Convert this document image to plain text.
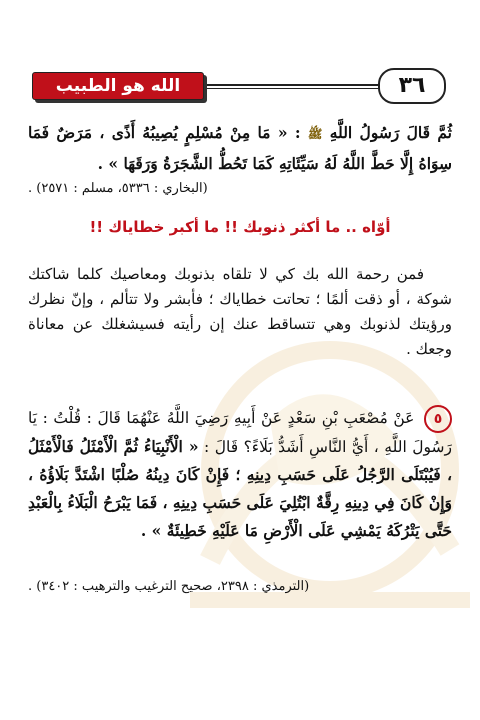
الله هو الطبيب	٣٦
ثُمَّ قَالَ رَسُولُ اللَّهِ ﷺ : « مَا مِنْ مُسْلِمٍ يُصِيبُهُ أَذًى ، مَرَضٌ فَمَا سِوَاهُ إِلَّا حَطَّ اللَّهُ لَهُ سَيِّئَاتِهِ كَمَا تَحُطُّ الشَّجَرَةُ وَرَقَهَا » .
(البخاري : ٥٣٣٦، مسلم : ٢٥٧١) .
أوّاه .. ما أكثر ذنوبك !! ما أكبر خطاياك !!
فمن رحمة الله بك كي لا تلقاه بذنوبك ومعاصيك كلما شاكتك شوكة ، أو ذقت ألمًا ؛ تحاتت خطاياك ؛ فأبشر ولا تتألم ، وإنّ نظرك ورؤيتك لذنوبك وهي تتساقط عنك إن رأيته فسيشغلك عن معاناة وجعك .
٥ عَنْ مُصْعَبِ بْنِ سَعْدٍ عَنْ أَبِيهِ رَضِيَ اللَّهُ عَنْهُمَا قَالَ : قُلْتُ : يَا رَسُولَ اللَّهِ ، أَيُّ النَّاسِ أَشَدُّ بَلَاءً؟ قَالَ : « الْأَنْبِيَاءُ ثُمَّ الْأَمْثَلُ فَالْأَمْثَلُ ، فَيُبْتَلَى الرَّجُلُ عَلَى حَسَبِ دِينِهِ ؛ فَإِنْ كَانَ دِينُهُ صُلْبًا اشْتَدَّ بَلَاؤُهُ ، وَإِنْ كَانَ فِي دِينِهِ رِقَّةٌ ابْتُلِيَ عَلَى حَسَبِ دِينِهِ ، فَمَا يَبْرَحُ الْبَلَاءُ بِالْعَبْدِ حَتَّى يَتْرُكَهُ يَمْشِي عَلَى الْأَرْضِ مَا عَلَيْهِ خَطِيئَةٌ » .
(الترمذي : ٢٣٩٨، صحيح الترغيب والترهيب : ٣٤٠٢) .
